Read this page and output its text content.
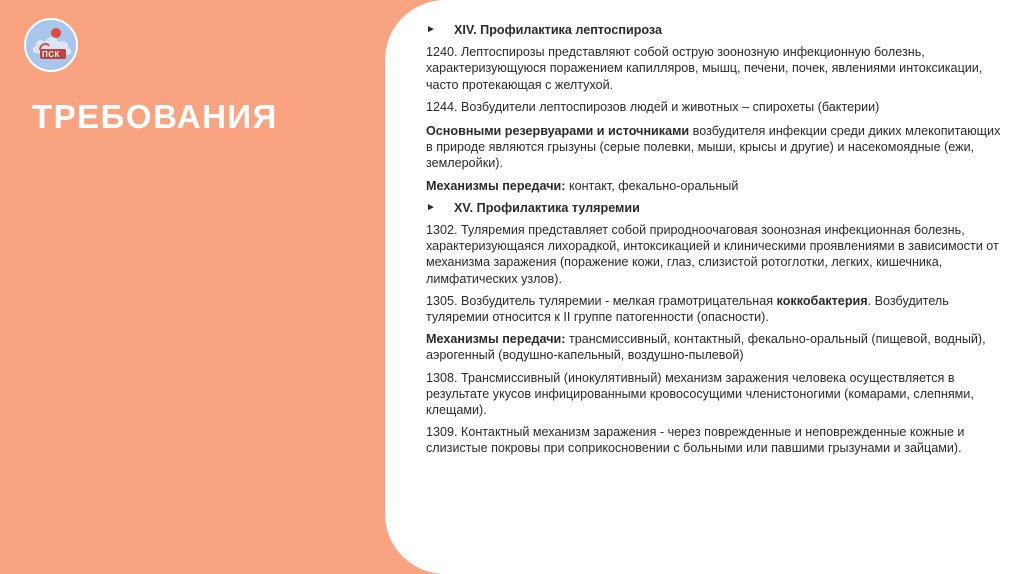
ПСК
ТРЕБОВАНИЯ
► XIV. Профилактика лептоспироза

1240. Лептоспирозы представляют собой острую зоонозную инфекционную болезнь, характеризующуюся поражением капилляров, мышц, печени, почек, явлениями интоксикации, часто протекающая с желтухой.

1244. Возбудители лептоспирозов людей и животных – спирохеты (бактерии)

Основными резервуарами и источниками возбудителя инфекции среди диких млекопитающих в природе являются грызуны (серые полевки, мыши, крысы и другие) и насекомоядные (ежи, землеройки).

Механизмы передачи: контакт, фекально-оральный

► XV. Профилактика туляремии

1302. Туляремия представляет собой природноочаговая зоонозная инфекционная болезнь, характеризующаяся лихорадкой, интоксикацией и клиническими проявлениями в зависимости от механизма заражения (поражение кожи, глаз, слизистой ротоглотки, легких, кишечника, лимфатических узлов).

1305. Возбудитель туляремии - мелкая грамотрицательная коккобактерия. Возбудитель туляремии относится к II группе патогенности (опасности).

Механизмы передачи: трансмиссивный, контактный, фекально-оральный (пищевой, водный), аэрогенный (водушно-капельный, воздушно-пылевой)

1308. Трансмиссивный (инокулятивный) механизм заражения человека осуществляется в результате укусов инфицированными кровососущими членистоногими (комарами, слепнями, клещами).

1309. Контактный механизм заражения - через поврежденные и неповрежденные кожные и слизистые покровы при соприкосновении с больными или павшими грызунами и зайцами).
